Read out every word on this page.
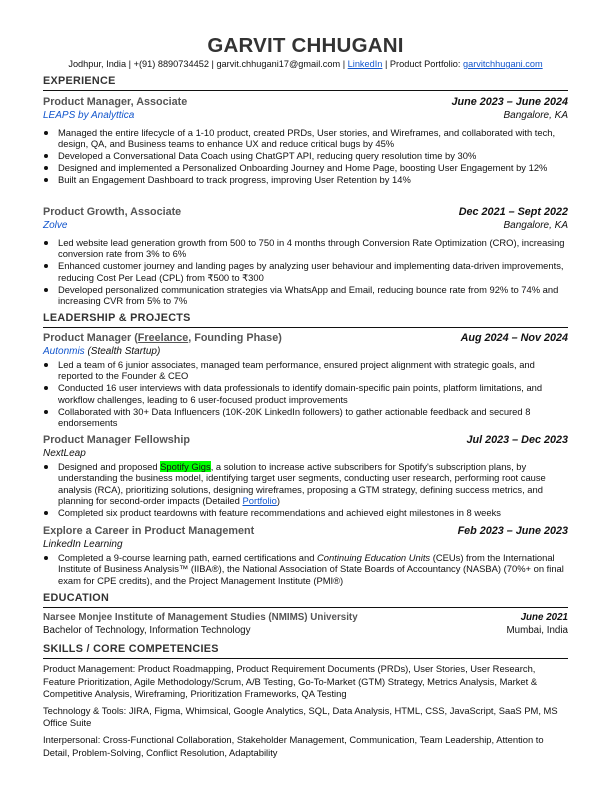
GARVIT CHHUGANI
Jodhpur, India | +(91) 8890734452 | garvit.chhugani17@gmail.com | LinkedIn | Product Portfolio: garvitchhugani.com
EXPERIENCE
Product Manager, Associate	June 2023 – June 2024
LEAPS by Analyttica	Bangalore, KA
Managed the entire lifecycle of a 1-10 product, created PRDs, User stories, and Wireframes, and collaborated with tech, design, QA, and Business teams to enhance UX and reduce critical bugs by 45%
Developed a Conversational Data Coach using ChatGPT API, reducing query resolution time by 30%
Designed and implemented a Personalized Onboarding Journey and Home Page, boosting User Engagement by 12%
Built an Engagement Dashboard to track progress, improving User Retention by 14%
Product Growth, Associate	Dec 2021 – Sept 2022
Zolve	Bangalore, KA
Led website lead generation growth from 500 to 750 in 4 months through Conversion Rate Optimization (CRO), increasing conversion rate from 3% to 6%
Enhanced customer journey and landing pages by analyzing user behaviour and implementing data-driven improvements, reducing Cost Per Lead (CPL) from ₹500 to ₹300
Developed personalized communication strategies via WhatsApp and Email, reducing bounce rate from 92% to 74% and increasing CVR from 5% to 7%
LEADERSHIP & PROJECTS
Product Manager (Freelance, Founding Phase)	Aug 2024 – Nov 2024
Autonmis (Stealth Startup)
Led a team of 6 junior associates, managed team performance, ensured project alignment with strategic goals, and reported to the Founder & CEO
Conducted 16 user interviews with data professionals to identify domain-specific pain points, platform limitations, and workflow challenges, leading to 6 user-focused product improvements
Collaborated with 30+ Data Influencers (10K-20K LinkedIn followers) to gather actionable feedback and secured 8 endorsements
Product Manager Fellowship	Jul 2023 – Dec 2023
NextLeap
Designed and proposed Spotify Gigs, a solution to increase active subscribers for Spotify's subscription plans, by understanding the business model, identifying target user segments, conducting user research, performing root cause analysis (RCA), prioritizing solutions, designing wireframes, proposing a GTM strategy, defining success metrics, and planning for second-order impacts (Detailed Portfolio)
Completed six product teardowns with feature recommendations and achieved eight milestones in 8 weeks
Explore a Career in Product Management	Feb 2023 – June 2023
LinkedIn Learning
Completed a 9-course learning path, earned certifications and Continuing Education Units (CEUs) from the International Institute of Business Analysis™ (IIBA®), the National Association of State Boards of Accountancy (NASBA) (70%+ on final exam for CPE credits), and the Project Management Institute (PMI®)
EDUCATION
Narsee Monjee Institute of Management Studies (NMIMS) University	June 2021
Bachelor of Technology, Information Technology	Mumbai, India
SKILLS / CORE COMPETENCIES

Product Management: Product Roadmapping, Product Requirement Documents (PRDs), User Stories, User Research, Feature Prioritization, Agile Methodology/Scrum, A/B Testing, Go-To-Market (GTM) Strategy, Metrics Analysis, Market & Competitive Analysis, Wireframing, Prioritization Frameworks, QA Testing

Technology & Tools: JIRA, Figma, Whimsical, Google Analytics, SQL, Data Analysis, HTML, CSS, JavaScript, SaaS PM, MS Office Suite

Interpersonal: Cross-Functional Collaboration, Stakeholder Management, Communication, Team Leadership, Attention to Detail, Problem-Solving, Conflict Resolution, Adaptability
